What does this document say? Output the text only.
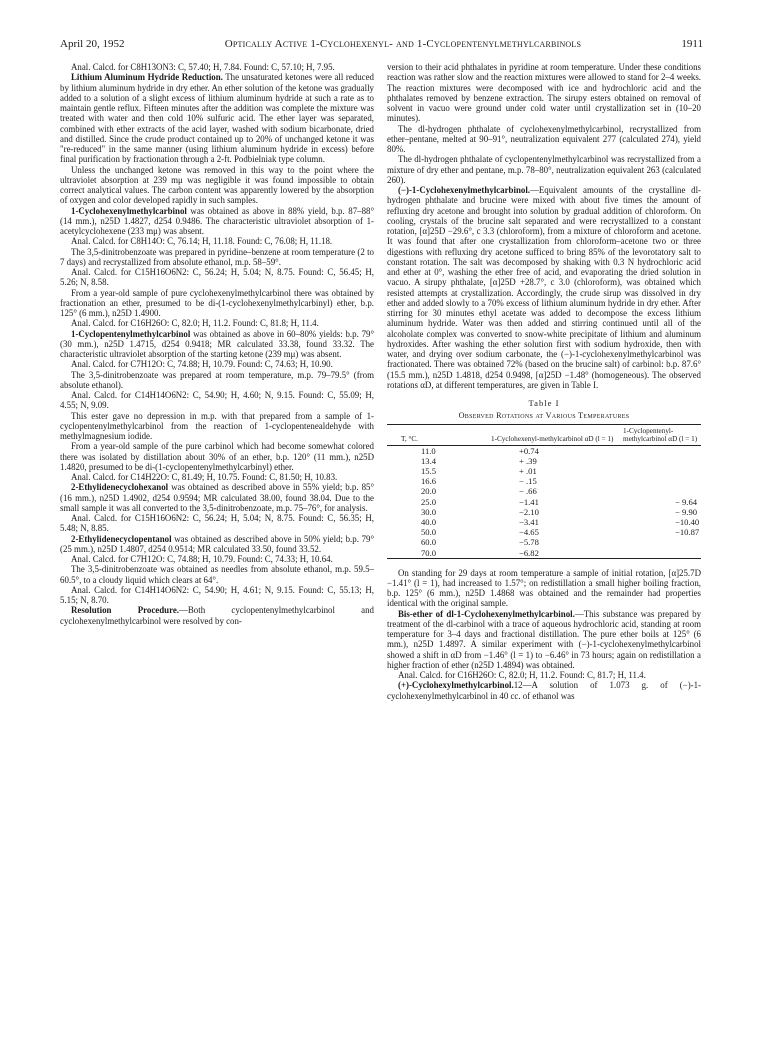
April 20, 1952	Optically Active 1-Cyclohexenyl- and 1-Cyclopentenylmethylcarbinols	1911

Anal. Calcd. for C8H13ON3: C, 57.40; H, 7.84. Found: C, 57.10; H, 7.95.

Lithium Aluminum Hydride Reduction. The unsaturated ketones were all reduced by lithium aluminum hydride in dry ether. An ether solution of the ketone was gradually added to a solution of a slight excess of lithium aluminum hydride at such a rate as to maintain gentle reflux. Fifteen minutes after the addition was complete the mixture was treated with water and then cold 10% sulfuric acid. The ether layer was separated, combined with ether extracts of the acid layer, washed with sodium bicarbonate, dried and distilled. Since the crude product contained up to 20% of unchanged ketone it was "re-reduced" in the same manner (using lithium aluminum hydride in excess) before final purification by fractionation through a 2-ft. Podbielniak type column.

Unless the unchanged ketone was removed in this way to the point where the ultraviolet absorption at 239 mμ was negligible it was found impossible to obtain correct analytical values. The carbon content was apparently lowered by the absorption of oxygen and color developed rapidly in such samples.

1-Cyclohexenylmethylcarbinol was obtained as above in 88% yield, b.p. 87–88° (14 mm.), n25D 1.4827, d254 0.9486. The characteristic ultraviolet absorption of 1-acetylcyclohexene (233 mμ) was absent.

Anal. Calcd. for C8H14O: C, 76.14; H, 11.18. Found: C, 76.08; H, 11.18.

The 3,5-dinitrobenzoate was prepared in pyridine–benzene at room temperature (2 to 7 days) and recrystallized from absolute ethanol, m.p. 58–59°.

Anal. Calcd. for C15H16O6N2: C, 56.24; H, 5.04; N, 8.75. Found: C, 56.45; H, 5.26; N, 8.58.

From a year-old sample of pure cyclohexenylmethylcarbinol there was obtained by fractionation an ether, presumed to be di-(1-cyclohexenylmethylcarbinyl) ether, b.p. 125° (6 mm.), n25D 1.4900.

Anal. Calcd. for C16H26O: C, 82.0; H, 11.2. Found: C, 81.8; H, 11.4.

1-Cyclopentenylmethylcarbinol was obtained as above in 60–80% yields: b.p. 79° (30 mm.), n25D 1.4715, d254 0.9418; MR calculated 33.38, found 33.32. The characteristic ultraviolet absorption of the starting ketone (239 mμ) was absent.

Anal. Calcd. for C7H12O: C, 74.88; H, 10.79. Found: C, 74.63; H, 10.90.

The 3,5-dinitrobenzoate was prepared at room temperature, m.p. 79–79.5° (from absolute ethanol).

Anal. Calcd. for C14H14O6N2: C, 54.90; H, 4.60; N, 9.15. Found: C, 55.09; H, 4.55; N, 9.09.

This ester gave no depression in m.p. with that prepared from a sample of 1-cyclopentenylmethylcarbinol from the reaction of 1-cyclopentenealdehyde with methylmagnesium iodide.

From a year-old sample of the pure carbinol which had become somewhat colored there was isolated by distillation about 30% of an ether, b.p. 120° (11 mm.), n25D 1.4820, presumed to be di-(1-cyclopentenylmethylcarbinyl) ether.

Anal. Calcd. for C14H22O: C, 81.49; H, 10.75. Found: C, 81.50; H, 10.83.

2-Ethylidenecyclohexanol was obtained as described above in 55% yield; b.p. 85° (16 mm.), n25D 1.4902, d254 0.9594; MR calculated 38.00, found 38.04. Due to the small sample it was all converted to the 3,5-dinitrobenzoate, m.p. 75–76°, for analysis.

Anal. Calcd. for C15H16O6N2: C, 56.24; H, 5.04; N, 8.75. Found: C, 56.35; H, 5.48; N, 8.85.

2-Ethylidenecyclopentanol was obtained as described above in 50% yield; b.p. 79° (25 mm.), n25D 1.4807, d254 0.9514; MR calculated 33.50, found 33.52.

Anal. Calcd. for C7H12O: C, 74.88; H, 10.79. Found: C, 74.33; H, 10.64.

The 3,5-dinitrobenzoate was obtained as needles from absolute ethanol, m.p. 59.5–60.5°, to a cloudy liquid which clears at 64°.

Anal. Calcd. for C14H14O6N2: C, 54.90; H, 4.61; N, 9.15. Found: C, 55.13; H, 5.15; N, 8.70.

Resolution Procedure.—Both cyclopentenylmethylcarbinol and cyclohexenylmethylcarbinol were resolved by con-

version to their acid phthalates in pyridine at room temperature. Under these conditions reaction was rather slow and the reaction mixtures were allowed to stand for 2–4 weeks. The reaction mixtures were decomposed with ice and hydrochloric acid and the phthalates removed by benzene extraction. The sirupy esters obtained on removal of solvent in vacuo were ground under cold water until crystallization set in (10–20 minutes).

The dl-hydrogen phthalate of cyclohexenylmethylcarbinol, recrystallized from ether–pentane, melted at 90–91°, neutralization equivalent 277 (calculated 274), yield 80%.

The dl-hydrogen phthalate of cyclopentenylmethylcarbinol was recrystallized from a mixture of dry ether and pentane, m.p. 78–80°, neutralization equivalent 263 (calculated 260).

(−)-1-Cyclohexenylmethylcarbinol.—Equivalent amounts of the crystalline dl-hydrogen phthalate and brucine were mixed with about five times the amount of refluxing dry acetone and brought into solution by gradual addition of chloroform. On cooling, crystals of the brucine salt separated and were recrystallized to a constant rotation, [α]25D −29.6°, c 3.3 (chloroform), from a mixture of chloroform and acetone. It was found that after one crystallization from chloroform–acetone two or three digestions with refluxing dry acetone sufficed to bring 85% of the levorotatory salt to constant rotation. The salt was decomposed by shaking with 0.3 N hydrochloric acid and ether at 0°, washing the ether free of acid, and evaporating the dried solution in vacuo. A sirupy phthalate, [α]25D +28.7°, c 3.0 (chloroform), was obtained which resisted attempts at crystallization. Accordingly, the crude sirup was dissolved in dry ether and added slowly to a 70% excess of lithium aluminum hydride in dry ether. After stirring for 30 minutes ethyl acetate was added to decompose the excess lithium aluminum hydride. Water was then added and stirring continued until all of the alcoholate complex was converted to snow-white precipitate of lithium and aluminum hydroxides. After washing the ether solution first with sodium hydroxide, then with water, and drying over sodium carbonate, the (−)-1-cyclohexenylmethylcarbinol was fractionated. There was obtained 72% (based on the brucine salt) of carbinol: b.p. 87.6° (15.5 mm.), n25D 1.4818, d254 0.9498, [α]25D −1.48° (homogeneous). The observed rotations αD, at different temperatures, are given in Table I.

Table I
Observed Rotations at Various Temperatures
T, °C.	1-Cyclohexenyl-methylcarbinol αD (l = 1)	1-Cyclopentenyl-methylcarbinol αD (l = 1)
11.0	+0.74	
13.4	+ .39	
15.5	+ .01	
16.6	− .15	
20.0	− .66	
25.0	−1.41	− 9.64
30.0	−2.10	− 9.90
40.0	−3.41	−10.40
50.0	−4.65	−10.87
60.0	−5.78	
70.0	−6.82	

On standing for 29 days at room temperature a sample of initial rotation, [α]25.7D −1.41° (l = 1), had increased to 1.57°; on redistillation a small higher boiling fraction, b.p. 125° (6 mm.), n25D 1.4868 was obtained and the remainder had properties identical with the original sample.

Bis-ether of dl-1-Cyclohexenylmethylcarbinol.—This substance was prepared by treatment of the dl-carbinol with a trace of aqueous hydrochloric acid, standing at room temperature for 3–4 days and fractional distillation. The pure ether boils at 125° (6 mm.), n25D 1.4897. A similar experiment with (−)-1-cyclohexenylmethylcarbinol showed a shift in αD from −1.46° (l = 1) to −6.46° in 73 hours; again on redistillation a higher fraction of ether (n25D 1.4894) was obtained.

Anal. Calcd. for C16H26O: C, 82.0; H, 11.2. Found: C, 81.7; H, 11.4.

(+)-Cyclohexylmethylcarbinol.12—A solution of 1.073 g. of (−)-1-cyclohexenylmethylcarbinol in 40 cc. of ethanol was
